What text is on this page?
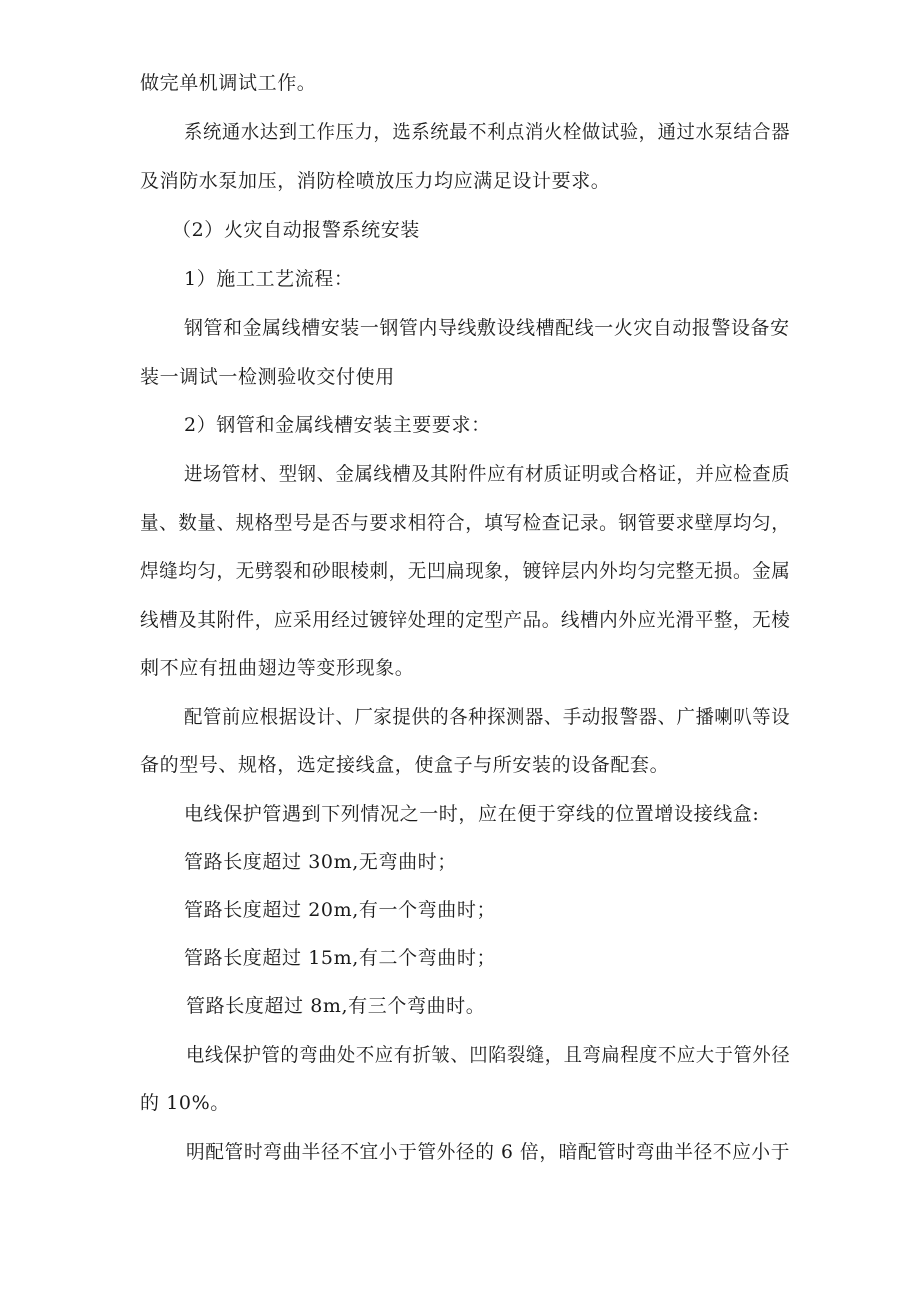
做完单机调试工作。
系统通水达到工作压力，选系统最不利点消火栓做试验，通过水泵结合器
及消防水泵加压，消防栓喷放压力均应满足设计要求。
（2）火灾自动报警系统安装
1）施工工艺流程：
钢管和金属线槽安装一钢管内导线敷设线槽配线一火灾自动报警设备安
装一调试一检测验收交付使用
2）钢管和金属线槽安装主要要求：
进场管材、型钢、金属线槽及其附件应有材质证明或合格证，并应检查质
量、数量、规格型号是否与要求相符合，填写检查记录。钢管要求壁厚均匀，
焊缝均匀，无劈裂和砂眼棱刺，无凹扁现象，镀锌层内外均匀完整无损。金属
线槽及其附件，应采用经过镀锌处理的定型产品。线槽内外应光滑平整，无棱
刺不应有扭曲翅边等变形现象。
配管前应根据设计、厂家提供的各种探测器、手动报警器、广播喇叭等设
备的型号、规格，选定接线盒，使盒子与所安装的设备配套。
电线保护管遇到下列情况之一时，应在便于穿线的位置增设接线盒:
管路长度超过 30m,无弯曲时；
管路长度超过 20m,有一个弯曲时；
管路长度超过 15m,有二个弯曲时；
管路长度超过 8m,有三个弯曲时。
电线保护管的弯曲处不应有折皱、凹陷裂缝，且弯扁程度不应大于管外径
的 10%。
明配管时弯曲半径不宜小于管外径的 6 倍，暗配管时弯曲半径不应小于
